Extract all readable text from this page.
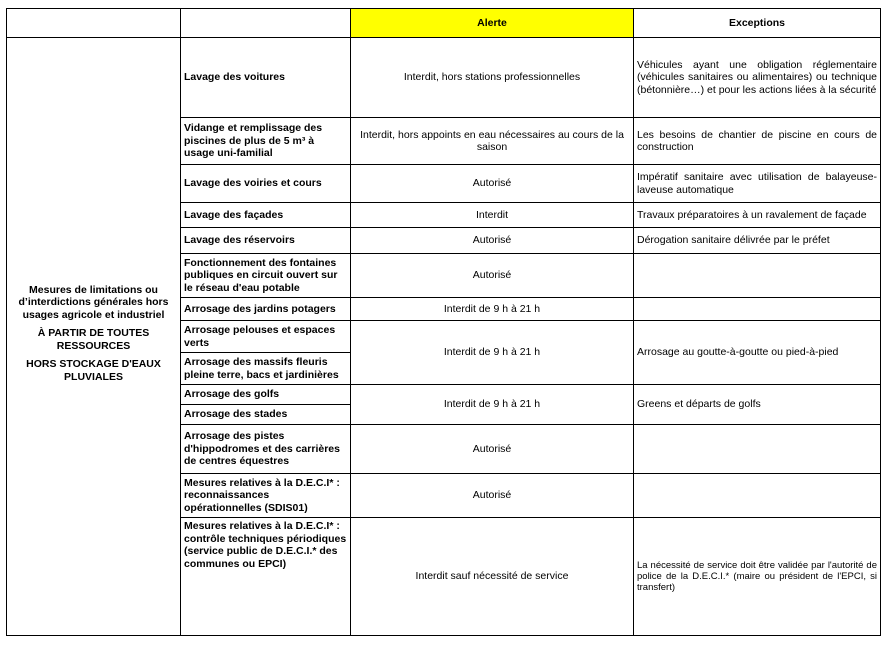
		Alerte	Exceptions

Mesures de limitations ou d’interdictions générales hors usages agricole et industriel

À PARTIR DE TOUTES RESSOURCES

HORS STOCKAGE D'EAUX PLUVIALES	Lavage des voitures	Interdit, hors stations professionnelles	Véhicules ayant une obligation réglementaire (véhicules sanitaires ou alimentaires) ou technique (bétonnière…) et pour les actions liées à la sécurité
	Vidange et remplissage des piscines de plus de 5 m³ à usage uni-familial	Interdit, hors appoints en eau nécessaires au cours de la saison	Les besoins de chantier de piscine en cours de construction
	Lavage des voiries et cours	Autorisé	Impératif sanitaire avec utilisation de balayeuse-laveuse automatique
	Lavage des façades	Interdit	Travaux préparatoires à un ravalement de façade
	Lavage des réservoirs	Autorisé	Dérogation sanitaire délivrée par le préfet
	Fonctionnement des fontaines publiques en circuit ouvert sur le réseau d'eau potable	Autorisé	
	Arrosage des jardins potagers	Interdit de 9 h à 21 h	
	Arrosage pelouses et espaces verts	Interdit de 9 h à 21 h	Arrosage au goutte-à-goutte ou pied-à-pied
	Arrosage des massifs fleuris pleine terre, bacs et jardinières		
	Arrosage des golfs	Interdit de 9 h à 21 h	Greens et départs de golfs
	Arrosage des stades		
	Arrosage des pistes d'hippodromes et des carrières de centres équestres	Autorisé	
	Mesures relatives à la D.E.C.I* : reconnaissances opérationnelles (SDIS01)	Autorisé	
	Mesures relatives à la D.E.C.I* : contrôle techniques périodiques (service public de D.E.C.I.* des communes ou EPCI)	Interdit sauf nécessité de service	La nécessité de service doit être validée par l'autorité de police de la D.E.C.I.* (maire ou président de l'EPCI, si transfert)
